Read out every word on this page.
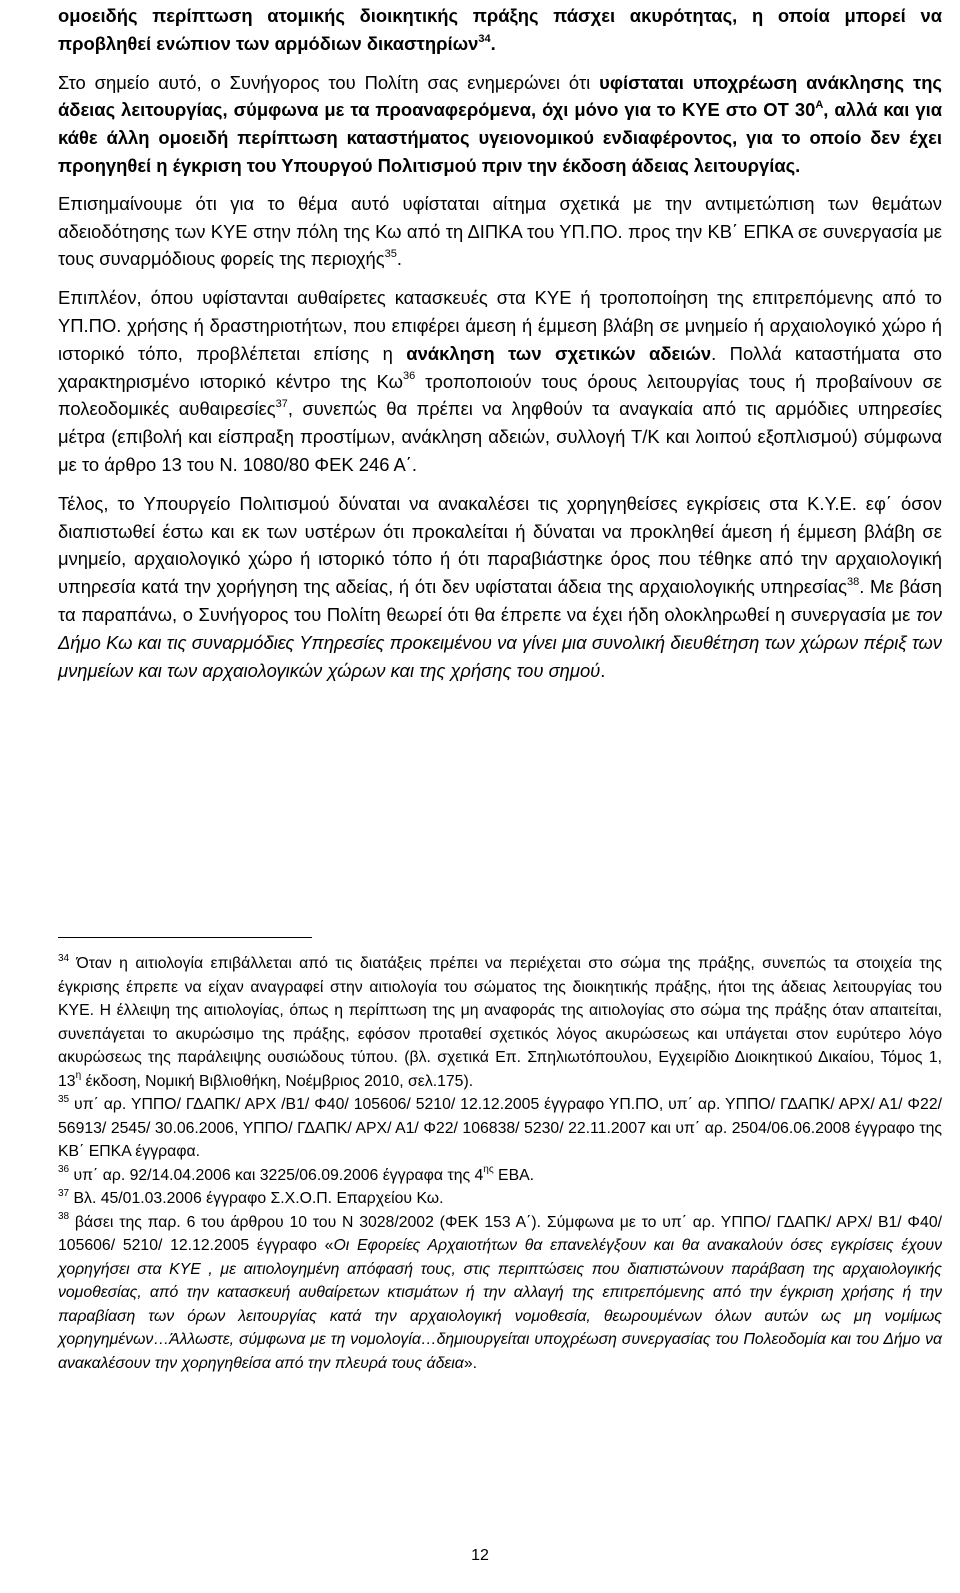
ομοειδής περίπτωση ατομικής διοικητικής πράξης πάσχει ακυρότητας, η οποία μπορεί να προβληθεί ενώπιον των αρμόδιων δικαστηρίων$^{34}$.

Στο σημείο αυτό, ο Συνήγορος του Πολίτη σας ενημερώνει ότι υφίσταται υποχρέωση ανάκλησης της άδειας λειτουργίας, σύμφωνα με τα προαναφερόμενα, όχι μόνο για το ΚΥΕ στο ΟΤ $30^A$, αλλά και για κάθε άλλη ομοειδή περίπτωση καταστήματος υγειονομικού ενδιαφέροντος, για το οποίο δεν έχει προηγηθεί η έγκριση του Υπουργού Πολιτισμού πριν την έκδοση άδειας λειτουργίας.

Επισημαίνουμε ότι για το θέμα αυτό υφίσταται αίτημα σχετικά με την αντιμετώπιση των θεμάτων αδειοδότησης των ΚΥΕ στην πόλη της Κω από τη ΔΙΠΚΑ του ΥΠ.ΠΟ. προς την ΚΒ΄ ΕΠΚΑ σε συνεργασία με τους συναρμόδιους φορείς της περιοχής$^{35}$.

Επιπλέον, όπου υφίστανται αυθαίρετες κατασκευές στα ΚΥΕ ή τροποποίηση της επιτρεπόμενης από το ΥΠ.ΠΟ. χρήσης ή δραστηριοτήτων, που επιφέρει άμεση ή έμμεση βλάβη σε μνημείο ή αρχαιολογικό χώρο ή ιστορικό τόπο, προβλέπεται επίσης η ανάκληση των σχετικών αδειών. Πολλά καταστήματα στο χαρακτηρισμένο ιστορικό κέντρο της $K\omega^{36}$ τροποποιούν τους όρους λειτουργίας τους ή προβαίνουν σε πολεοδομικές αυθαιρεσίες$^{37}$, συνεπώς θα πρέπει να ληφθούν τα αναγκαία από τις αρμόδιες υπηρεσίες μέτρα (επιβολή και είσπραξη προστίμων, ανάκληση αδειών, συλλογή Τ/Κ και λοιπού εξοπλισμού) σύμφωνα με το άρθρο 13 του Ν. 1080/80 ΦΕΚ 246 Α΄.

Τέλος, το Υπουργείο Πολιτισμού δύναται να ανακαλέσει τις χορηγηθείσες εγκρίσεις στα Κ.Υ.Ε. εφ΄ όσον διαπιστωθεί έστω και εκ των υστέρων ότι προκαλείται ή δύναται να προκληθεί άμεση ή έμμεση βλάβη σε μνημείο, αρχαιολογικό χώρο ή ιστορικό τόπο ή ότι παραβιάστηκε όρος που τέθηκε από την αρχαιολογική υπηρεσία κατά την χορήγηση της αδείας, ή ότι δεν υφίσταται άδεια της αρχαιολογικής υπηρεσίας$^{38}$. Με βάση τα παραπάνω, ο Συνήγορος του Πολίτη θεωρεί ότι θα έπρεπε να έχει ήδη ολοκληρωθεί η συνεργασία με τον Δήμο Κω και τις συναρμόδιες Υπηρεσίες προκειμένου να γίνει μια συνολική διευθέτηση των χώρων πέριξ των μνημείων και των αρχαιολογικών χώρων και της χρήσης του σημού.

$^{34}$ Όταν η αιτιολογία επιβάλλεται από τις διατάξεις πρέπει να περιέχεται στο σώμα της πράξης, συνεπώς τα στοιχεία της έγκρισης έπρεπε να είχαν αναγραφεί στην αιτιολογία του σώματος της διοικητικής πράξης, ήτοι της άδειας λειτουργίας του ΚΥΕ. Η έλλειψη της αιτιολογίας, όπως η περίπτωση της μη αναφοράς της αιτιολογίας στο σώμα της πράξης όταν απαιτείται, συνεπάγεται το ακυρώσιμο της πράξης, εφόσον προταθεί σχετικός λόγος ακυρώσεως και υπάγεται στον ευρύτερο λόγο ακυρώσεως της παράλειψης ουσιώδους τύπου. (βλ. σχετικά Επ. Σπηλιωτόπουλου, Εγχειρίδιο Διοικητικού Δικαίου, Τόμος 1, $13^\eta$ έκδοση, Νομική Βιβλιοθήκη, Νοέμβριος 2010, σελ.175).

$^{35}$ υπ΄ αρ. ΥΠΠΟ/ ΓΔΑΠΚ/ ΑΡΧ /Β1/ Φ40/ 105606/ 5210/ 12.12.2005 έγγραφο ΥΠ.ΠΟ, υπ΄ αρ. ΥΠΠΟ/ ΓΔΑΠΚ/ ΑΡΧ/ Α1/ Φ22/ 56913/ 2545/ 30.06.2006, ΥΠΠΟ/ ΓΔΑΠΚ/ ΑΡΧ/ Α1/ Φ22/ 106838/ 5230/ 22.11.2007 και υπ΄ αρ. 2504/06.06.2008 έγγραφο της ΚΒ΄ ΕΠΚΑ έγγραφα.

$^{36}$ υπ΄ αρ. 92/14.04.2006 και 3225/06.09.2006 έγγραφα της $4^{\eta\varsigma}$ ΕΒΑ.

$^{37}$ Βλ. 45/01.03.2006 έγγραφο Σ.Χ.Ο.Π. Επαρχείου Κω.

$^{38}$ βάσει της παρ. 6 του άρθρου 10 του Ν 3028/2002 (ΦΕΚ 153 Α΄). Σύμφωνα με το υπ΄ αρ. ΥΠΠΟ/ ΓΔΑΠΚ/ ΑΡΧ/ Β1/ Φ40/ 105606/ 5210/ 12.12.2005 έγγραφο «Οι Εφορείες Αρχαιοτήτων θα επανελέγξουν και θα ανακαλούν όσες εγκρίσεις έχουν χορηγήσει στα ΚΥΕ , με αιτιολογημένη απόφασή τους, στις περιπτώσεις που διαπιστώνουν παράβαση της αρχαιολογικής νομοθεσίας, από την κατασκευή αυθαίρετων κτισμάτων ή την αλλαγή της επιτρεπόμενης από την έγκριση χρήσης ή την παραβίαση των όρων λειτουργίας κατά την αρχαιολογική νομοθεσία, θεωρουμένων όλων αυτών ως μη νομίμως χορηγημένων…Άλλωστε, σύμφωνα με τη νομολογία…δημιουργείται υποχρέωση συνεργασίας του Πολεοδομία και του Δήμο να ανακαλέσουν την χορηγηθείσα από την πλευρά τους άδεια».

12
